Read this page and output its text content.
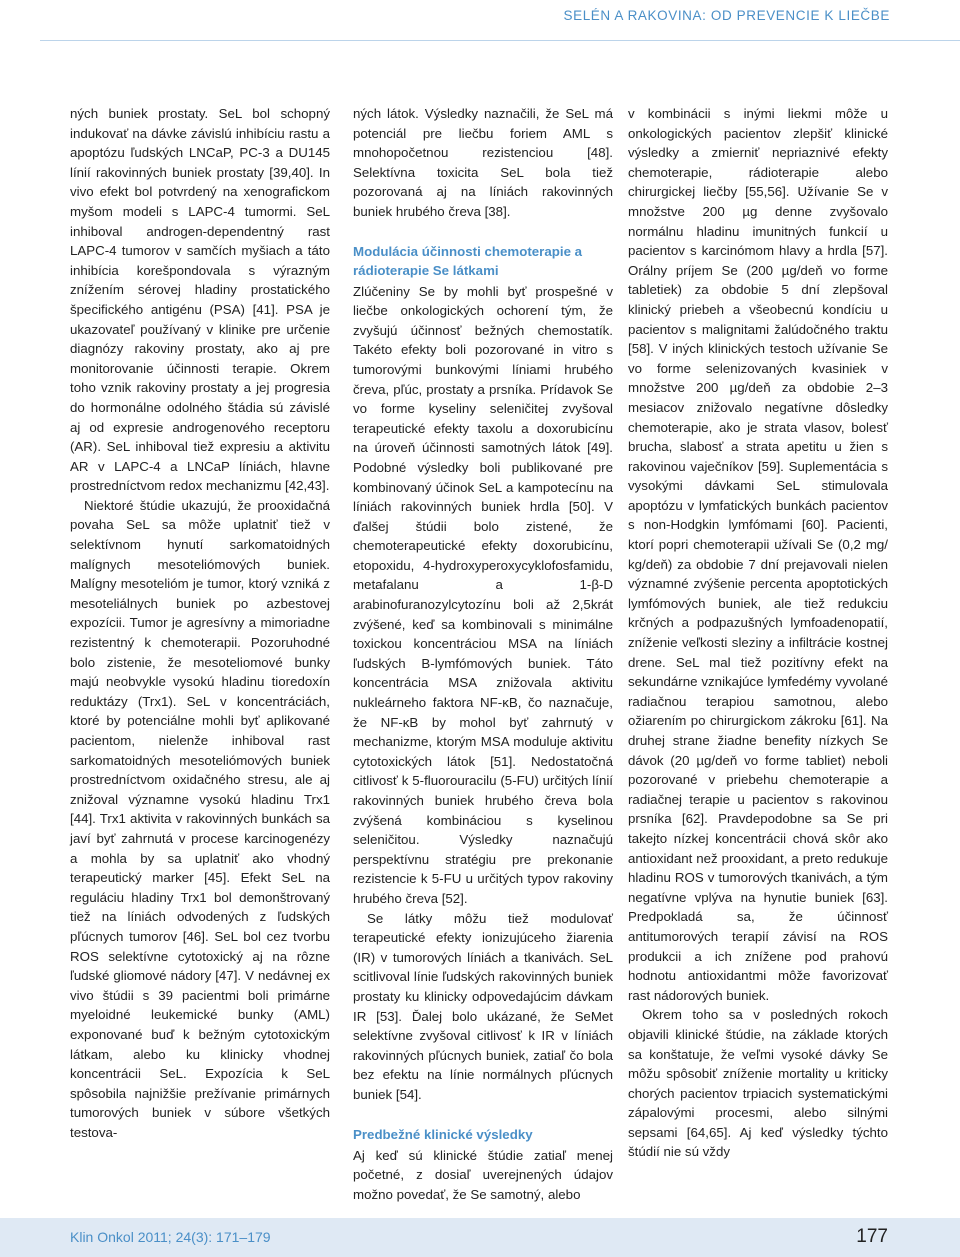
SELÉN A RAKOVINA: OD PREVENCIE K LIEČBE

ných buniek prostaty. SeL bol schopný indukovať na dávke závislú inhibíciu rastu a apoptózu ľudských LNCaP, PC-3 a DU145 línií rakovinných buniek prostaty [39,40]. In vivo efekt bol potvrdený na xenografickom myšom modeli s LAPC-4 tumormi. SeL inhiboval androgen-dependentný rast LAPC-4 tumorov v samčích myšiach a táto inhibícia korešpondovala s výrazným znížením sérovej hladiny prostatického špecifického antigénu (PSA) [41]. PSA je ukazovateľ používaný v klinike pre určenie diagnózy rakoviny prostaty, ako aj pre monitorovanie účinnosti terapie. Okrem toho vznik rakoviny prostaty a jej progresia do hormonálne odolného štádia sú závislé aj od expresie androgenového receptoru (AR). SeL inhiboval tiež expresiu a aktivitu AR v LAPC-4 a LNCaP líniách, hlavne prostredníctvom redox mechanizmu [42,43].

Niektoré štúdie ukazujú, že prooxidačná povaha SeL sa môže uplatniť tiež v selektívnom hynutí sarkomatoidných malígnych mesoteliómových buniek. Malígny mesotelióm je tumor, ktorý vzniká z mesoteliálnych buniek po azbestovej expozícii. Tumor je agresívny a mimoriadne rezistentný k chemoterapii. Pozoruhodné bolo zistenie, že mesoteliomové bunky majú neobvykle vysokú hladinu tioredoxín reduktázy (Trx1). SeL v koncentráciách, ktoré by potenciálne mohli byť aplikované pacientom, nielenže inhiboval rast sarkomatoidných mesoteliómových buniek prostredníctvom oxidačného stresu, ale aj znižoval významne vysokú hladinu Trx1 [44]. Trx1 aktivita v rakovinných bunkách sa javí byť zahrnutá v procese karcinogenézy a mohla by sa uplatniť ako vhodný terapeutický marker [45]. Efekt SeL na reguláciu hladiny Trx1 bol demonštrovaný tiež na líniách odvodených z ľudských pľúcnych tumorov [46]. SeL bol cez tvorbu ROS selektívne cytotoxický aj na rôzne ľudské gliomové nádory [47]. V nedávnej ex vivo štúdii s 39 pacientmi boli primárne myeloidné leukemické bunky (AML) exponované buď k bežným cytotoxickým látkam, alebo ku klinicky vhodnej koncentrácii SeL. Expozícia k SeL spôsobila najnižšie prežívanie primárnych tumorových buniek v súbore všetkých testova-

ných látok. Výsledky naznačili, že SeL má potenciál pre liečbu foriem AML s mnohopočetnou rezistenciou [48]. Selektívna toxicita SeL bola tiež pozorovaná aj na líniách rakovinných buniek hrubého čreva [38].

Modulácia účinnosti chemoterapie a rádioterapie Se látkami

Zlúčeniny Se by mohli byť prospešné v liečbe onkologických ochorení tým, že zvyšujú účinnosť bežných chemostatík. Takéto efekty boli pozorované in vitro s tumorovými bunkovými líniami hrubého čreva, pľúc, prostaty a prsníka. Prídavok Se vo forme kyseliny seleničitej zvyšoval terapeutické efekty taxolu a doxorubicínu na úroveň účinnosti samotných látok [49]. Podobné výsledky boli publikované pre kombinovaný účinok SeL a kampotecínu na líniách rakovinných buniek hrdla [50]. V ďalšej štúdii bolo zistené, že chemoterapeutické efekty doxorubicínu, etopoxidu, 4-hydroxyperoxycyklofosfamidu, metafalanu a 1-β-D arabinofuranozylcytozínu boli až 2,5krát zvýšené, keď sa kombinovali s minimálne toxickou koncentráciou MSA na líniách ľudských B-lymfómových buniek. Táto koncentrácia MSA znižovala aktivitu nukleárneho faktora NF-κB, čo naznačuje, že NF-κB by mohol byť zahrnutý v mechanizme, ktorým MSA moduluje aktivitu cytotoxických látok [51]. Nedostatočná citlivosť k 5-fluorouracilu (5-FU) určitých línií rakovinných buniek hrubého čreva bola zvýšená kombináciou s kyselinou seleničitou. Výsledky naznačujú perspektívnu stratégiu pre prekonanie rezistencie k 5-FU u určitých typov rakoviny hrubého čreva [52].

Se látky môžu tiež modulovať terapeutické efekty ionizujúceho žiarenia (IR) v tumorových líniách a tkanivách. SeL scitlivoval línie ľudských rakovinných buniek prostaty ku klinicky odpovedajúcim dávkam IR [53]. Ďalej bolo ukázané, že SeMet selektívne zvyšoval citlivosť k IR v líniách rakovinných pľúcnych buniek, zatiaľ čo bola bez efektu na línie normálnych pľúcnych buniek [54].

Predbežné klinické výsledky

Aj keď sú klinické štúdie zatiaľ menej početné, z dosiaľ uverejnených údajov možno povedať, že Se samotný, alebo

v kombinácii s inými liekmi môže u onkologických pacientov zlepšiť klinické výsledky a zmierniť nepriaznivé efekty chemoterapie, rádioterapie alebo chirurgickej liečby [55,56]. Užívanie Se v množstve 200 µg denne zvyšovalo normálnu hladinu imunitných funkcií u pacientov s karcinómom hlavy a hrdla [57]. Orálny príjem Se (200 µg/deň vo forme tabletiek) za obdobie 5 dní zlepšoval klinický priebeh a všeobecnú kondíciu u pacientov s malignitami žalúdočného traktu [58]. V iných klinických testoch užívanie Se vo forme selenizovaných kvasiniek v množstve 200 µg/deň za obdobie 2–3 mesiacov znižovalo negatívne dôsledky chemoterapie, ako je strata vlasov, bolesť brucha, slabosť a strata apetitu u žien s rakovinou vaječníkov [59]. Suplementácia s vysokými dávkami SeL stimulovala apoptózu v lymfatických bunkách pacientov s non-Hodgkin lymfómami [60]. Pacienti, ktorí popri chemoterapii užívali Se (0,2 mg/ kg/deň) za obdobie 7 dní prejavovali nielen významné zvýšenie percenta apoptotických lymfómových buniek, ale tiež redukciu krčných a podpazušných lymfoadenopatií, zníženie veľkosti sleziny a infiltrácie kostnej drene. SeL mal tiež pozitívny efekt na sekundárne vznikajúce lymfedémy vyvolané radiačnou terapiou samotnou, alebo ožiarením po chirurgickom zákroku [61]. Na druhej strane žiadne benefity nízkych Se dávok (20 µg/deň vo forme tabliet) neboli pozorované v priebehu chemoterapie a radiačnej terapie u pacientov s rakovinou prsníka [62]. Pravdepodobne sa Se pri takejto nízkej koncentrácii chová skôr ako antioxidant než prooxidant, a preto redukuje hladinu ROS v tumorových tkanivách, a tým negatívne vplýva na hynutie buniek [63]. Predpokladá sa, že účinnosť antitumorových terapií závisí na ROS produkcii a ich znížene pod prahovú hodnotu antioxidantmi môže favorizovať rast nádorových buniek.

Okrem toho sa v posledných rokoch objavili klinické štúdie, na základe ktorých sa konštatuje, že veľmi vysoké dávky Se môžu spôsobiť zníženie mortality u kriticky chorých pacientov trpiacich systematickými zápalovými procesmi, alebo silnými sepsami [64,65]. Aj keď výsledky týchto štúdií nie sú vždy

Klin Onkol 2011; 24(3): 171–179	177
